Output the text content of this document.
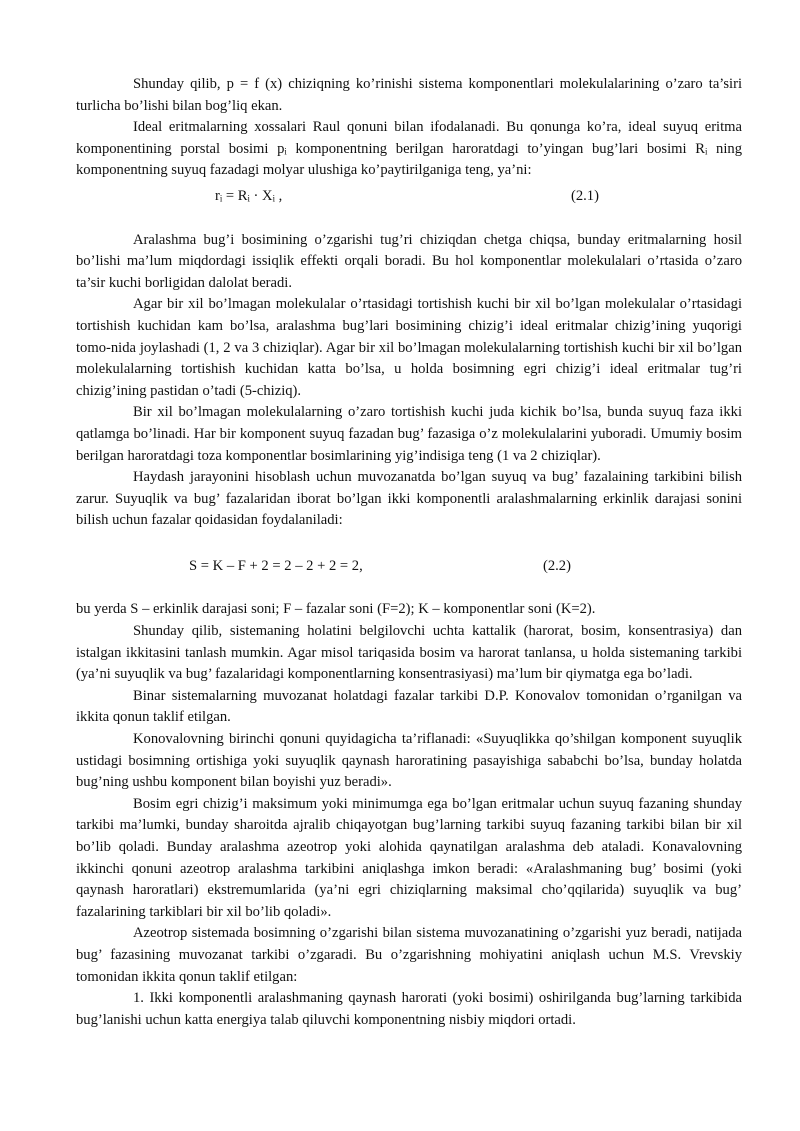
Shunday qilib, p = f (x) chiziqning ko’rinishi sistema komponentlari molekulalarining o’zaro ta’siri turlicha bo’lishi bilan bog’liq ekan.

Ideal eritmalarning xossalari Raul qonuni bilan ifodalanadi. Bu qonunga ko’ra, ideal suyuq eritma komponentining porstal bosimi pᵢ komponentning berilgan haroratdagi to’yingan bug’lari bosimi Rᵢ ning komponentning suyuq fazadagi molyar ulushiga ko’paytirilganiga teng, ya’ni:

rᵢ = Rᵢ · Xᵢ ,	(2.1)

Aralashma bug’i bosimining o’zgarishi tug’ri chiziqdan chetga chiqsa, bunday eritmalarning hosil bo’lishi ma’lum miqdordagi issiqlik effekti orqali boradi. Bu hol komponentlar molekulalari o’rtasida o’zaro ta’sir kuchi borligidan dalolat beradi.

Agar bir xil bo’lmagan molekulalar o’rtasidagi tortishish kuchi bir xil bo’lgan molekulalar o’rtasidagi tortishish kuchidan kam bo’lsa, aralashma bug’lari bosimining chizig’i ideal eritmalar chizig’ining yuqorigi tomo-nida joylashadi (1, 2 va 3 chiziqlar). Agar bir xil bo’lmagan molekulalarning tortishish kuchi bir xil bo’lgan molekulalarning tortishish kuchidan katta bo’lsa, u holda bosimning egri chizig’i ideal eritmalar tug’ri chizig’ining pastidan o’tadi (5-chiziq).

Bir xil bo’lmagan molekulalarning o’zaro tortishish kuchi juda kichik bo’lsa, bunda suyuq faza ikki qatlamga bo’linadi. Har bir komponent suyuq fazadan bug’ fazasiga o’z molekulalarini yuboradi. Umumiy bosim berilgan haroratdagi toza komponentlar bosimlarining yig’indisiga teng (1 va 2 chiziqlar).

Haydash jarayonini hisoblash uchun muvozanatda bo’lgan suyuq va bug’ fazalaining tarkibini bilish zarur. Suyuqlik va bug’ fazalaridan iborat bo’lgan ikki komponentli aralashmalarning erkinlik darajasi sonini bilish uchun fazalar qoidasidan foydalaniladi:

S = K – F + 2 = 2 – 2 + 2 = 2,	(2.2)

bu yerda S – erkinlik darajasi soni; F – fazalar soni (F=2); K – komponentlar soni (K=2).

Shunday qilib, sistemaning holatini belgilovchi uchta kattalik (harorat, bosim, konsentrasiya) dan istalgan ikkitasini tanlash mumkin. Agar misol tariqasida bosim va harorat tanlansa, u holda sistemaning tarkibi (ya’ni suyuqlik va bug’ fazalaridagi komponentlarning konsentrasiyasi) ma’lum bir qiymatga ega bo’ladi.

Binar sistemalarning muvozanat holatdagi fazalar tarkibi D.P. Konovalov tomonidan o’rganilgan va ikkita qonun taklif etilgan.

Konovalovning birinchi qonuni quyidagicha ta’riflanadi: «Suyuqlikka qo’shilgan komponent suyuqlik ustidagi bosimning ortishiga yoki suyuqlik qaynash haroratining pasayishiga sababchi bo’lsa, bunday holatda bug’ning ushbu komponent bilan boyishi yuz beradi».

Bosim egri chizig’i maksimum yoki minimumga ega bo’lgan eritmalar uchun suyuq fazaning shunday tarkibi ma’lumki, bunday sharoitda ajralib chiqayotgan bug’larning tarkibi suyuq fazaning tarkibi bilan bir xil bo’lib qoladi. Bunday aralashma azeotrop yoki alohida qaynatilgan aralashma deb ataladi. Konavalovning ikkinchi qonuni azeotrop aralashma tarkibini aniqlashga imkon beradi: «Aralashmaning bug’ bosimi (yoki qaynash haroratlari) ekstremumlarida (ya’ni egri chiziqlarning maksimal cho’qqilarida) suyuqlik va bug’ fazalarining tarkiblari bir xil bo’lib qoladi».

Azeotrop sistemada bosimning o’zgarishi bilan sistema muvozanatining o’zgarishi yuz beradi, natijada bug’ fazasining muvozanat tarkibi o’zgaradi. Bu o’zgarishning mohiyatini aniqlash uchun M.S. Vrevskiy tomonidan ikkita qonun taklif etilgan:

1. Ikki komponentli aralashmaning qaynash harorati (yoki bosimi) oshirilganda bug’larning tarkibida bug’lanishi uchun katta energiya talab qiluvchi komponentning nisbiy miqdori ortadi.
